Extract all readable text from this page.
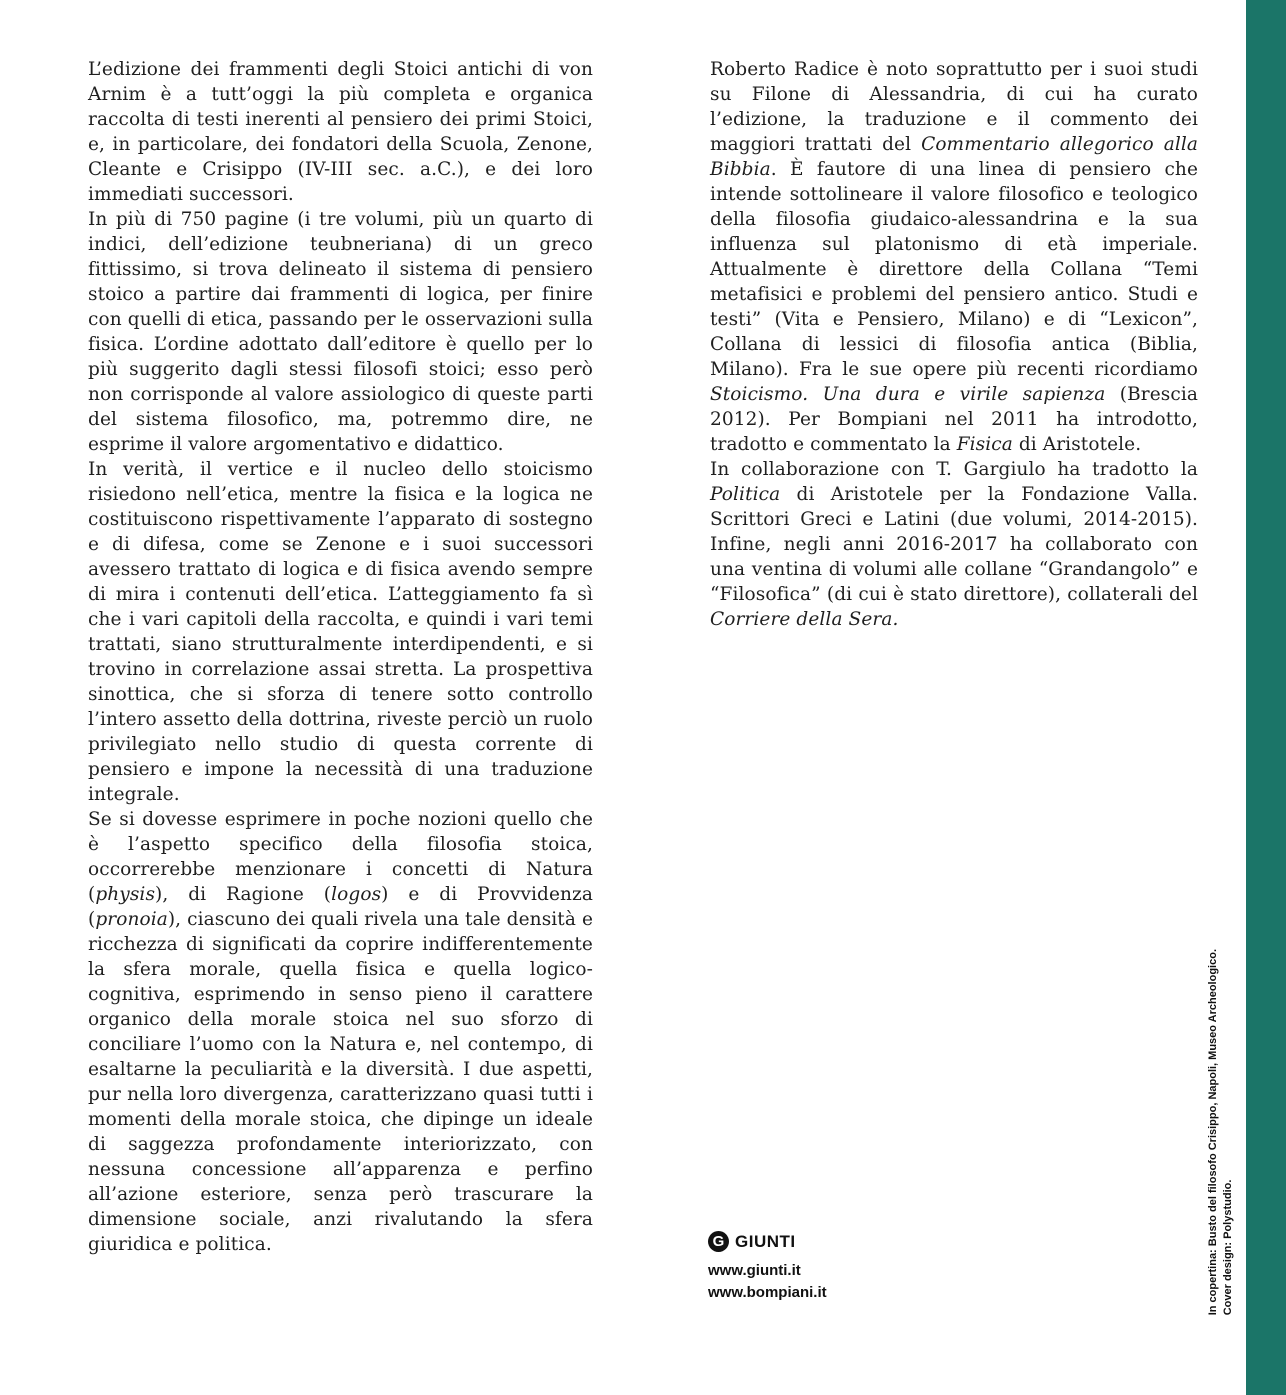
L’edizione dei frammenti degli Stoici antichi di von Arnim è a tutt’oggi la più completa e organica raccolta di testi inerenti al pensiero dei primi Stoici, e, in particolare, dei fondatori della Scuola, Zenone, Cleante e Crisippo (IV-III sec. a.C.), e dei loro immediati successori.

In più di 750 pagine (i tre volumi, più un quarto di indici, dell’edizione teubneriana) di un greco fittissimo, si trova delineato il sistema di pensiero stoico a partire dai frammenti di logica, per finire con quelli di etica, passando per le osservazioni sulla fisica. L’ordine adottato dall’editore è quello per lo più suggerito dagli stessi filosofi stoici; esso però non corrisponde al valore assiologico di queste parti del sistema filosofico, ma, potremmo dire, ne esprime il valore argomentativo e didattico.

In verità, il vertice e il nucleo dello stoicismo risiedono nell’etica, mentre la fisica e la logica ne costituiscono rispettivamente l’apparato di sostegno e di difesa, come se Zenone e i suoi successori avessero trattato di logica e di fisica avendo sempre di mira i contenuti dell’etica. L’atteggiamento fa sì che i vari capitoli della raccolta, e quindi i vari temi trattati, siano strutturalmente interdipendenti, e si trovino in correlazione assai stretta. La prospettiva sinottica, che si sforza di tenere sotto controllo l’intero assetto della dottrina, riveste perciò un ruolo privilegiato nello studio di questa corrente di pensiero e impone la necessità di una traduzione integrale.

Se si dovesse esprimere in poche nozioni quello che è l’aspetto specifico della filosofia stoica, occorrerebbe menzionare i concetti di Natura (physis), di Ragione (logos) e di Provvidenza (pronoia), ciascuno dei quali rivela una tale densità e ricchezza di significati da coprire indifferentemente la sfera morale, quella fisica e quella logico-cognitiva, esprimendo in senso pieno il carattere organico della morale stoica nel suo sforzo di conciliare l’uomo con la Natura e, nel contempo, di esaltarne la peculiarità e la diversità. I due aspetti, pur nella loro divergenza, caratterizzano quasi tutti i momenti della morale stoica, che dipinge un ideale di saggezza profondamente interiorizzato, con nessuna concessione all’apparenza e perfino all’azione esteriore, senza però trascurare la dimensione sociale, anzi rivalutando la sfera giuridica e politica.

Roberto Radice è noto soprattutto per i suoi studi su Filone di Alessandria, di cui ha curato l’edizione, la traduzione e il commento dei maggiori trattati del Commentario allegorico alla Bibbia. È fautore di una linea di pensiero che intende sottolineare il valore filosofico e teologico della filosofia giudaico-alessandrina e la sua influenza sul platonismo di età imperiale. Attualmente è direttore della Collana “Temi metafisici e problemi del pensiero antico. Studi e testi” (Vita e Pensiero, Milano) e di “Lexicon”, Collana di lessici di filosofia antica (Biblia, Milano). Fra le sue opere più recenti ricordiamo Stoicismo. Una dura e virile sapienza (Brescia 2012). Per Bompiani nel 2011 ha introdotto, tradotto e commentato la Fisica di Aristotele.

In collaborazione con T. Gargiulo ha tradotto la Politica di Aristotele per la Fondazione Valla. Scrittori Greci e Latini (due volumi, 2014-2015). Infine, negli anni 2016-2017 ha collaborato con una ventina di volumi alle collane “Grandangolo” e “Filosofica” (di cui è stato direttore), collaterali del Corriere della Sera.

G GIUNTI
www.giunti.it
www.bompiani.it	In copertina: Busto del filosofo Crisippo, Napoli, Museo Archeologico. Cover design: Polystudio.
